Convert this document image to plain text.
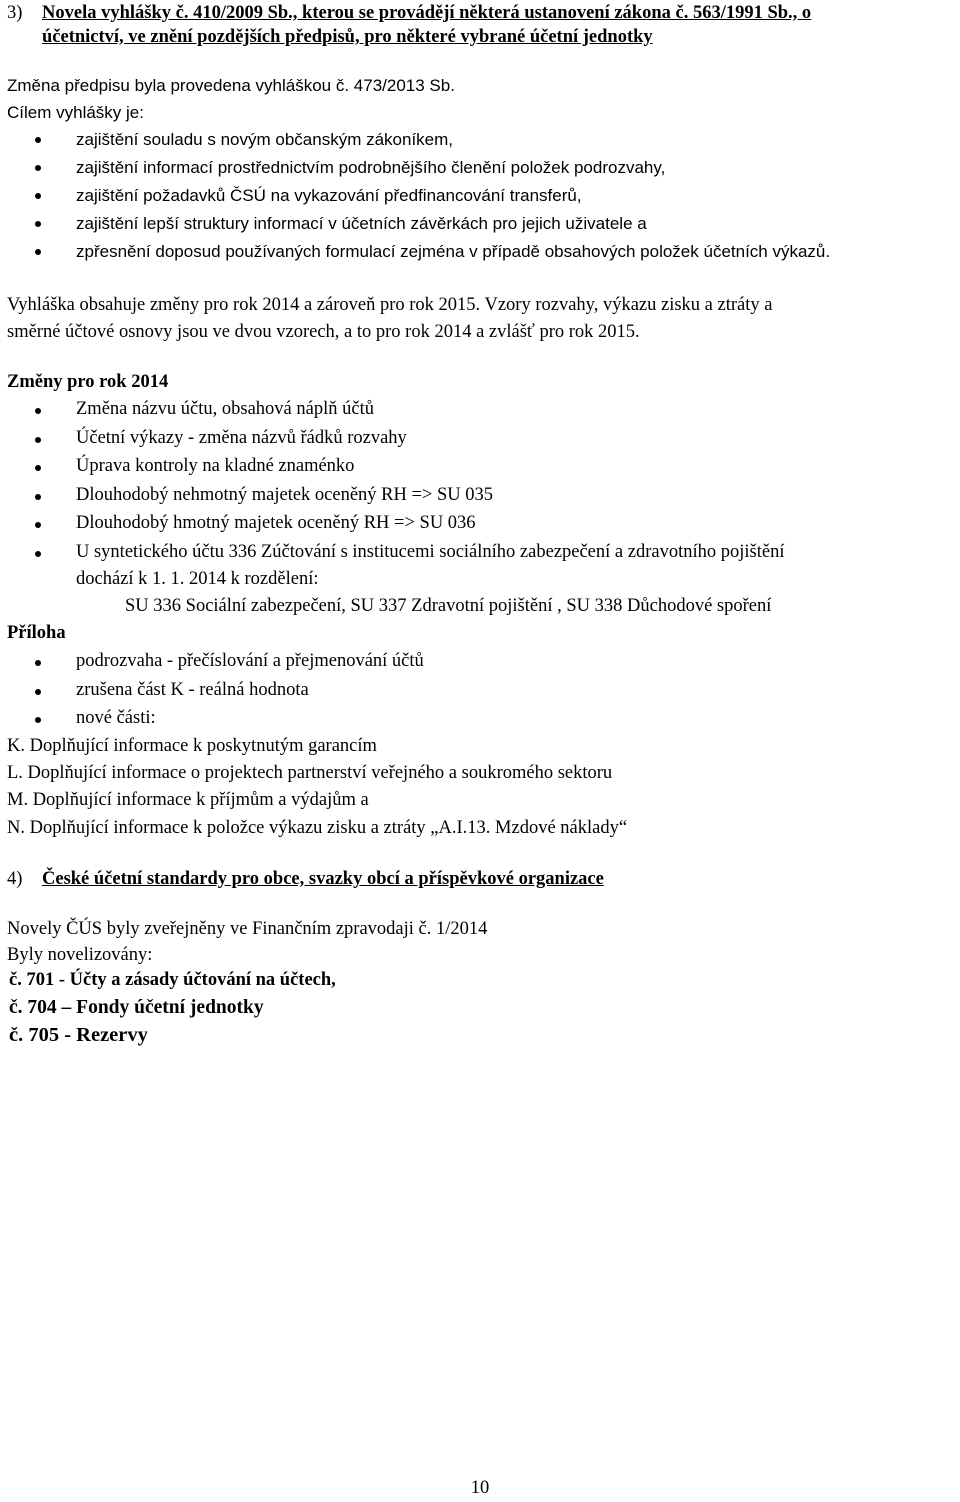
3) Novela vyhlášky č. 410/2009 Sb., kterou se provádějí některá ustanovení zákona č. 563/1991 Sb., o
účetnictví, ve znění pozdějších předpisů, pro některé vybrané účetní jednotky
Změna předpisu byla provedena vyhláškou č. 473/2013 Sb.
Cílem vyhlášky je:
zajištění souladu s novým občanským zákoníkem,
zajištění informací prostřednictvím podrobnějšího členění položek podrozvahy,
zajištění požadavků ČSÚ na vykazování předfinancování transferů,
zajištění lepší struktury informací v účetních závěrkách pro jejich uživatele a
zpřesnění doposud používaných formulací zejména v případě obsahových položek účetních výkazů.
Vyhláška obsahuje změny pro rok 2014 a zároveň pro rok 2015. Vzory rozvahy, výkazu zisku a ztráty a
směrné účtové osnovy jsou ve dvou vzorech, a to pro rok 2014 a zvlášť pro rok 2015.
Změny pro rok 2014
Změna názvu účtu, obsahová náplň účtů
Účetní výkazy - změna názvů řádků rozvahy
Úprava kontroly na kladné znaménko
Dlouhodobý nehmotný majetek oceněný RH => SU 035
Dlouhodobý hmotný majetek oceněný RH => SU 036
U syntetického účtu 336 Zúčtování s institucemi sociálního zabezpečení a zdravotního pojištění
dochází k 1. 1. 2014 k rozdělení:
SU 336 Sociální zabezpečení, SU 337 Zdravotní pojištění , SU 338 Důchodové spoření
Příloha
podrozvaha - přečíslování a přejmenování účtů
zrušena část K - reálná hodnota
nové části:
K. Doplňující informace k poskytnutým garancím
L. Doplňující informace o projektech partnerství veřejného a soukromého sektoru
M. Doplňující informace k příjmům a výdajům a
N. Doplňující informace k položce výkazu zisku a ztráty „A.I.13. Mzdové náklady“
4) České účetní standardy pro obce, svazky obcí a příspěvkové organizace
Novely ČÚS byly zveřejněny ve Finančním zpravodaji č. 1/2014
Byly novelizovány:
č. 701 - Účty a zásady účtování na účtech,
č. 704 – Fondy účetní jednotky
č. 705 - Rezervy
10
